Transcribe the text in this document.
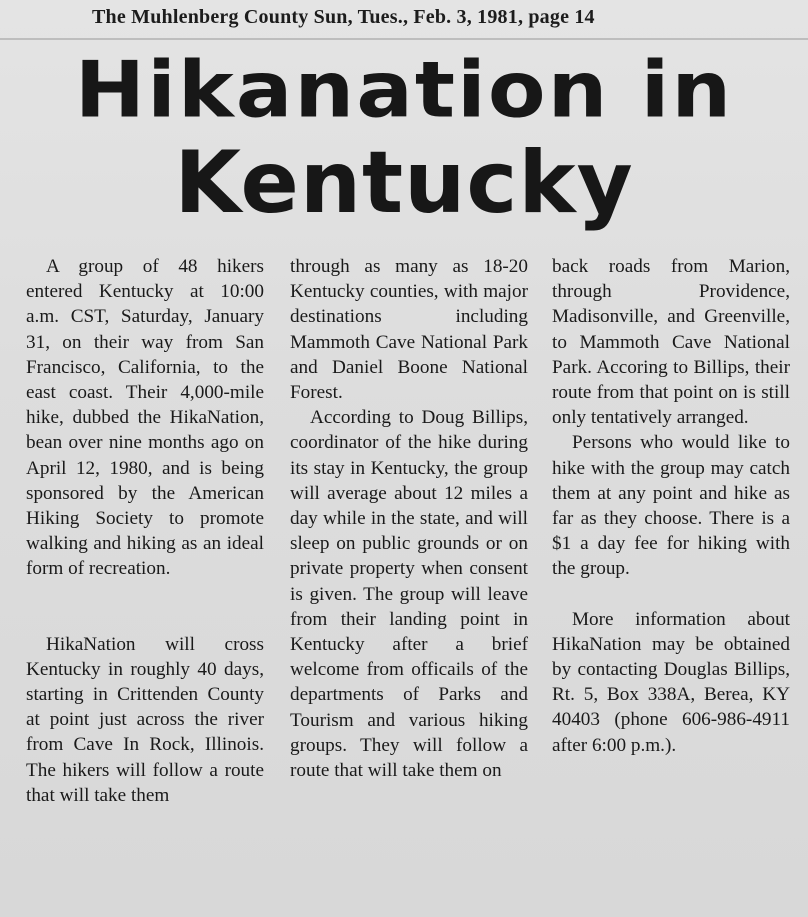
The Muhlenberg County Sun, Tues., Feb. 3, 1981, page 14
Hikanation in
Kentucky

A group of 48 hikers entered Kentucky at 10:00 a.m. CST, Saturday, January 31, on their way from San Francisco, California, to the east coast. Their 4,000-mile hike, dubbed the HikaNation, bean over nine months ago on April 12, 1980, and is being sponsored by the American Hiking Society to promote walking and hiking as an ideal form of recreation.

HikaNation will cross Kentucky in roughly 40 days, starting in Crittenden County at point just across the river from Cave In Rock, Illinois. The hikers will follow a route that will take them

through as many as 18-20 Kentucky counties, with major destinations including Mammoth Cave National Park and Daniel Boone National Forest.

According to Doug Billips, coordinator of the hike during its stay in Kentucky, the group will average about 12 miles a day while in the state, and will sleep on public grounds or on private property when consent is given. The group will leave from their landing point in Kentucky after a brief welcome from officails of the departments of Parks and Tourism and various hiking groups. They will follow a route that will take them on

back roads from Marion, through Providence, Madisonville, and Greenville, to Mammoth Cave National Park. Accoring to Billips, their route from that point on is still only tentatively arranged.

Persons who would like to hike with the group may catch them at any point and hike as far as they choose. There is a $1 a day fee for hiking with the group.

More information about HikaNation may be obtained by contacting Douglas Billips, Rt. 5, Box 338A, Berea, KY 40403 (phone 606-986-4911 after 6:00 p.m.).
